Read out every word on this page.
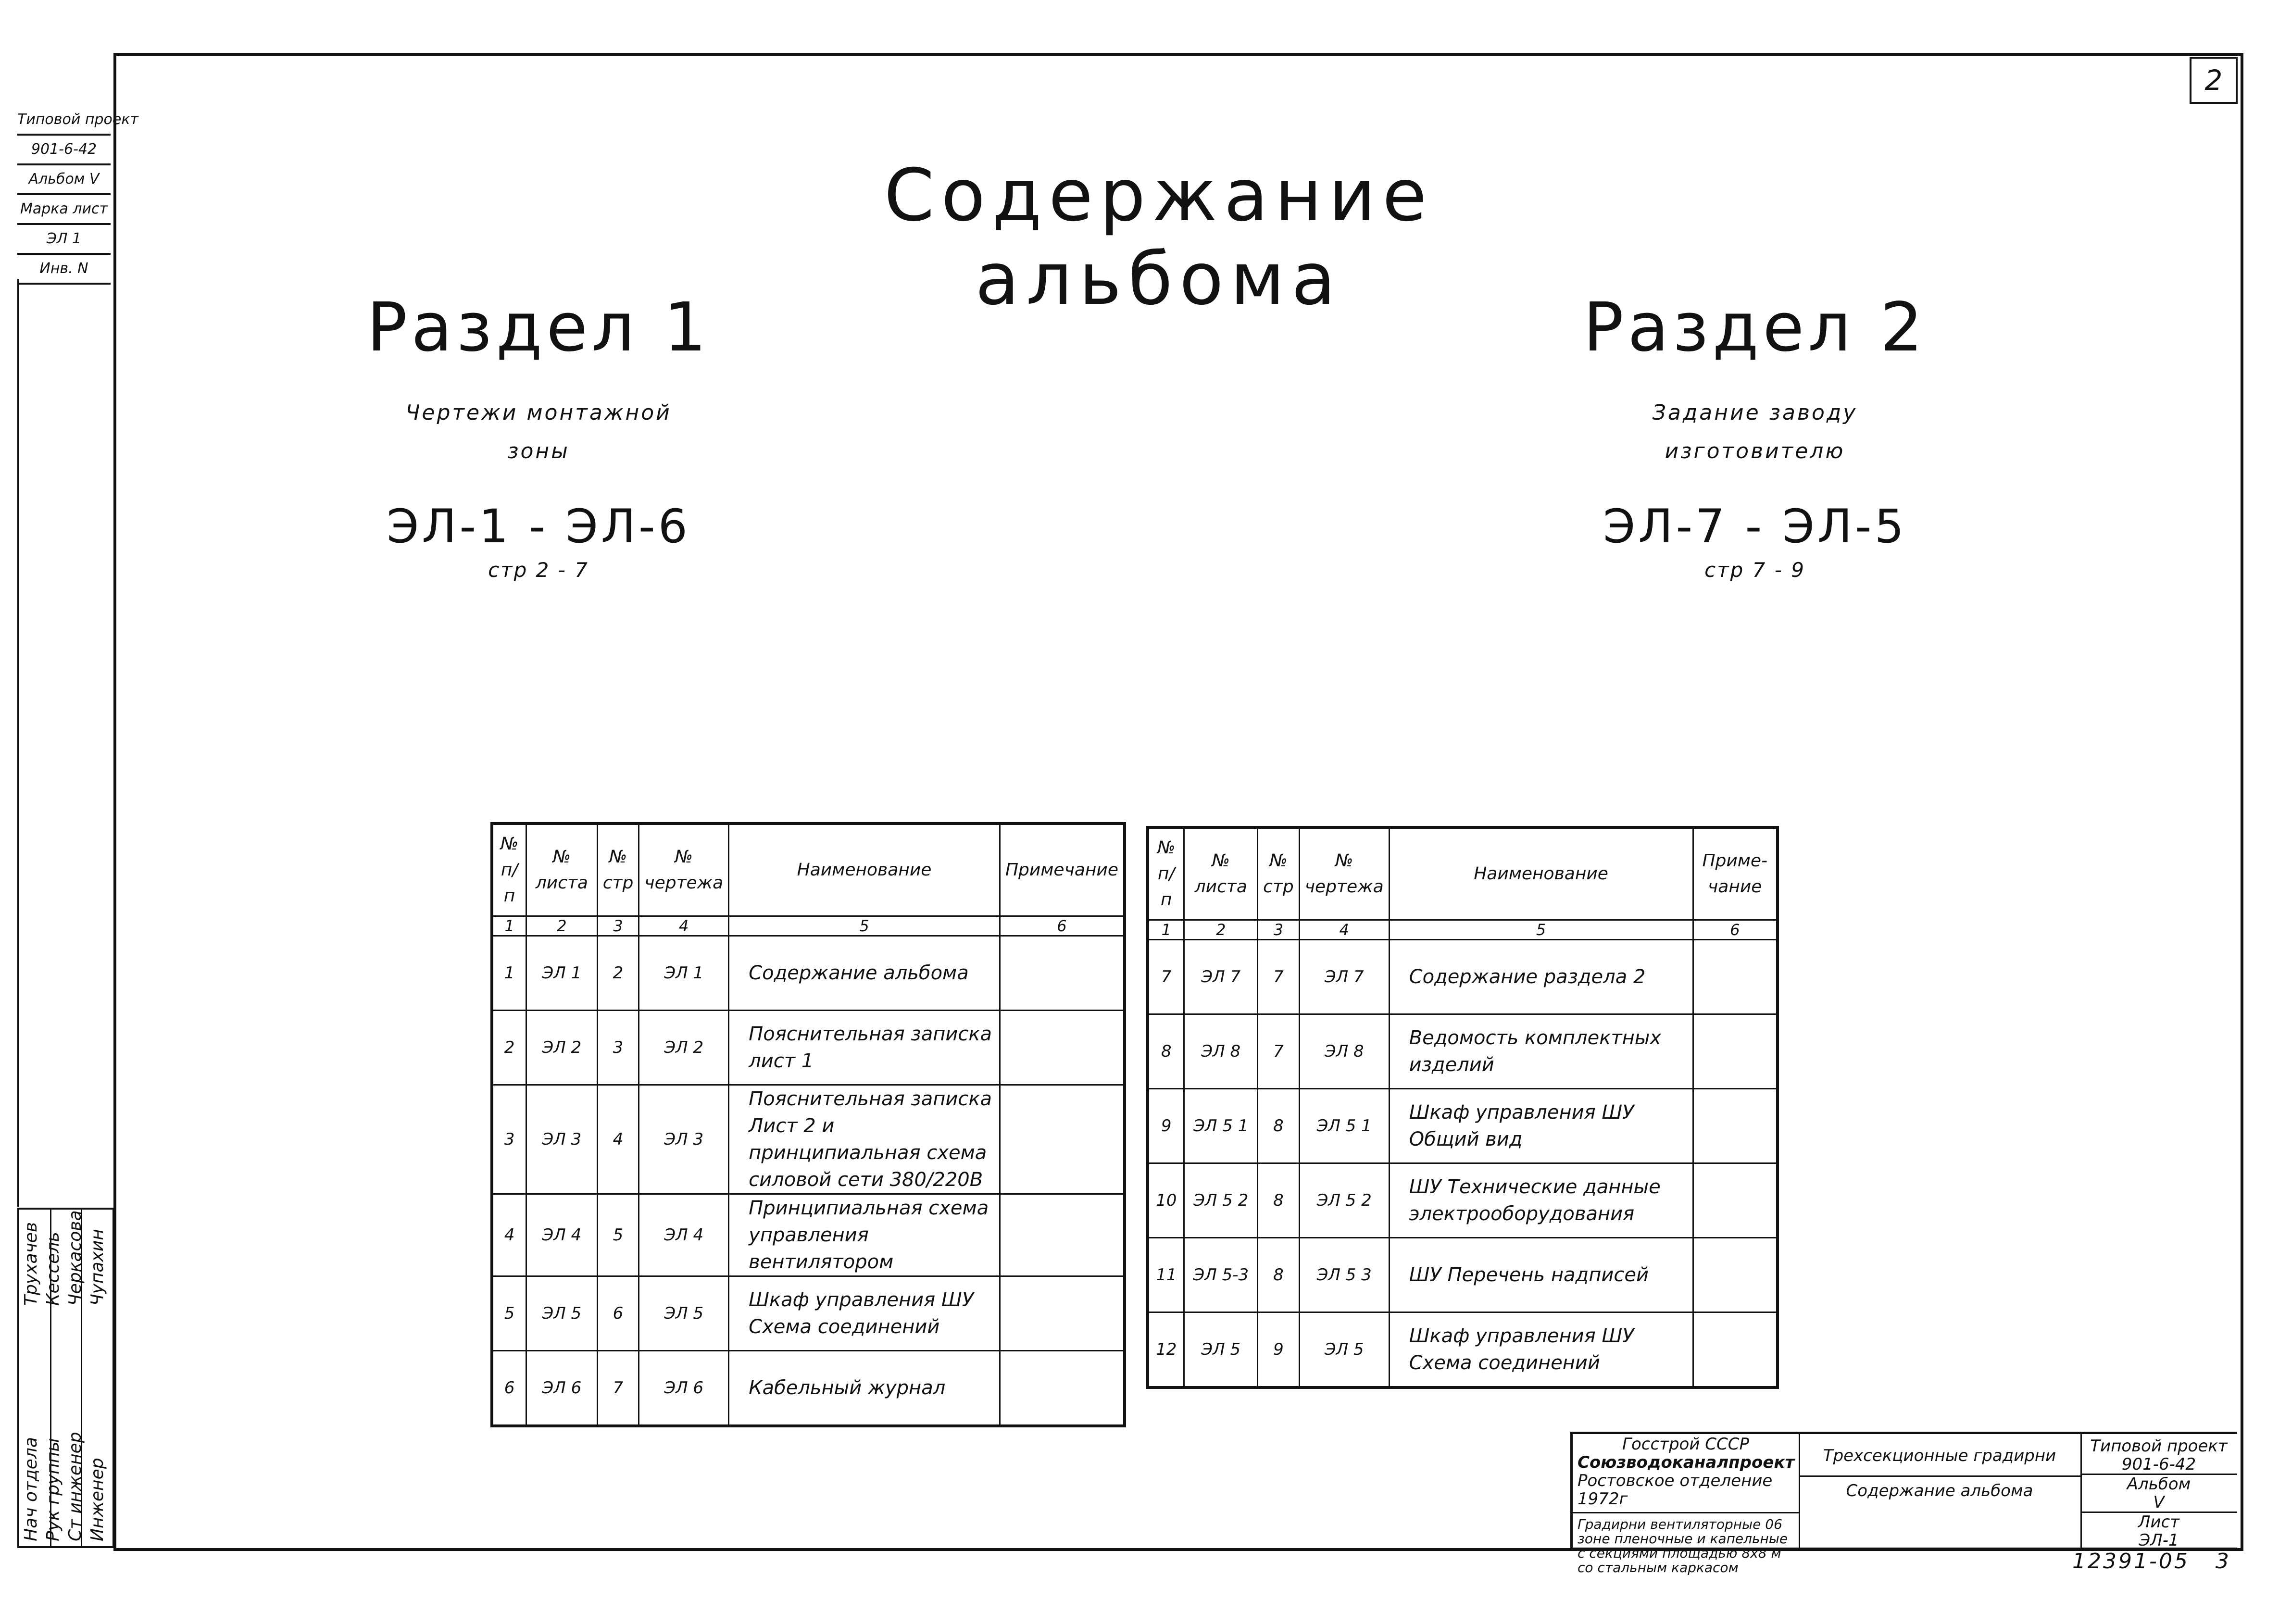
Типовой проект
901-6-42
Альбом V
Марка лист
ЭЛ 1
Инв. N
2
Содержание альбома
Раздел 1
Чертежи монтажной
зоны
ЭЛ-1 - ЭЛ-6
стр 2 - 7
Раздел 2
Задание заводу
изготовителю
ЭЛ-7 - ЭЛ-5
стр 7 - 9
№ п/п	№ листа	№ стр	№ чертежа	Наименование	Примечание
1	2	3	4	5	6
1	ЭЛ 1	2	ЭЛ 1	Содержание альбома	

2	ЭЛ 2	3	ЭЛ 2	Пояснительная записка
лист 1	

3	ЭЛ 3	4	ЭЛ 3	Пояснительная записка Лист 2 и принципиальная схема
силовой сети 380/220В	

4	ЭЛ 4	5	ЭЛ 4	Принципиальная схема
управления вентилятором	

5	ЭЛ 5	6	ЭЛ 5	Шкаф управления ШУ
Схема соединений	

6	ЭЛ 6	7	ЭЛ 6	Кабельный журнал	

№ п/п	№ листа	№ стр	№ чертежа	Наименование	Приме-чание
1	2	3	4	5	6
7	ЭЛ 7	7	ЭЛ 7	Содержание раздела 2	

8	ЭЛ 8	7	ЭЛ 8	Ведомость комплектных
изделий	

9	ЭЛ 5 1	8	ЭЛ 5 1	Шкаф управления ШУ
Общий вид	

10	ЭЛ 5 2	8	ЭЛ 5 2	ШУ Технические данные
электрооборудования	

11	ЭЛ 5-3	8	ЭЛ 5 3	ШУ Перечень надписей	

12	ЭЛ 5	9	ЭЛ 5	Шкаф управления ШУ
Схема соединений	

Нач отдела Рук группы Ст инженер Инженер
Трухачев Кессель Черкасова Чупахин
Госстрой СССР
Союзводоканалпроект
Ростовское отделение 1972г
Градирни вентиляторные 06 зоне пленочные и капельные с секциями площадью 8х8 м со стальным каркасом
Трехсекционные градирни
Содержание альбома
Типовой проект
901-6-42
Альбом
V
Лист
ЭЛ-1
12391-05 3
